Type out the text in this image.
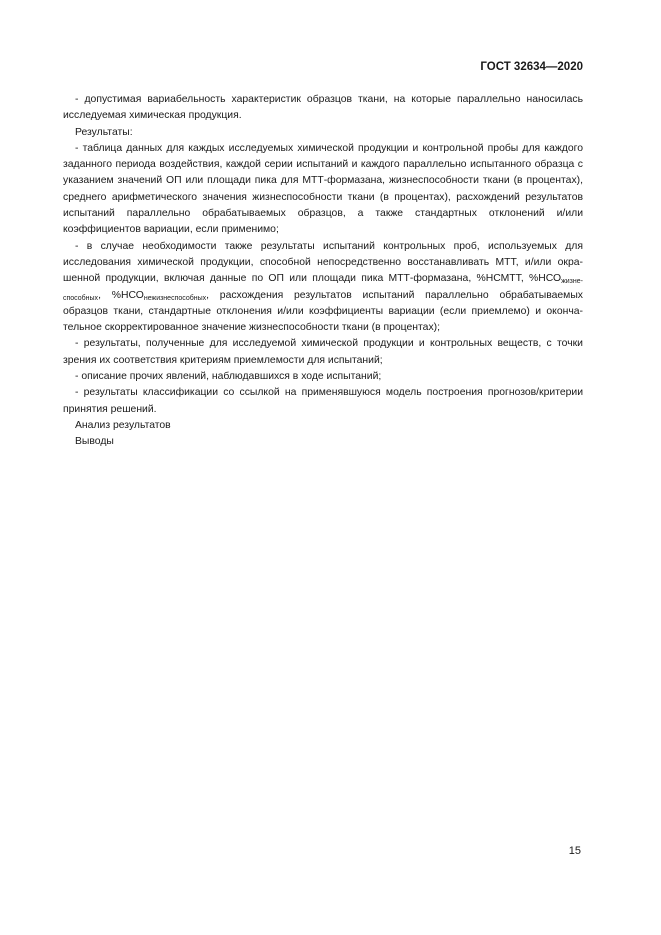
ГОСТ 32634—2020

- допустимая вариабельность характеристик образцов ткани, на которые параллельно наносилась исследуемая химическая продукция.

Результаты:

- таблица данных для каждых исследуемых химической продукции и контрольной пробы для каждого заданного периода воздействия, каждой серии испытаний и каждого параллельно испытанного образца с указанием значений ОП или площади пика для МТТ-формазана, жизнеспособности ткани (в процентах), среднего арифметического значения жизнеспособности ткани (в процентах), расхождений результатов испытаний параллельно обрабатываемых образцов, а также стандартных отклонений и/или коэффициентов вариации, если применимо;

- в случае необходимости также результаты испытаний контрольных проб, используемых для исследования химической продукции, способной непосредственно восстанавливать МТТ, и/или окрашенной продукции, включая данные по ОП или площади пика МТТ-формазана, %НСМТТ, $\%НСО_{жизнеспособных}$, $\%НСО_{нежизнеспособных}$, расхождения результатов испытаний параллельно обрабатываемых образцов ткани, стандартные отклонения и/или коэффициенты вариации (если приемлемо) и окончательное скорректированное значение жизнеспособности ткани (в процентах);

- результаты, полученные для исследуемой химической продукции и контрольных веществ, с точки зрения их соответствия критериям приемлемости для испытаний;

- описание прочих явлений, наблюдавшихся в ходе испытаний;

- результаты классификации со ссылкой на применявшуюся модель построения прогнозов/критерии принятия решений.

Анализ результатов

Выводы

15
